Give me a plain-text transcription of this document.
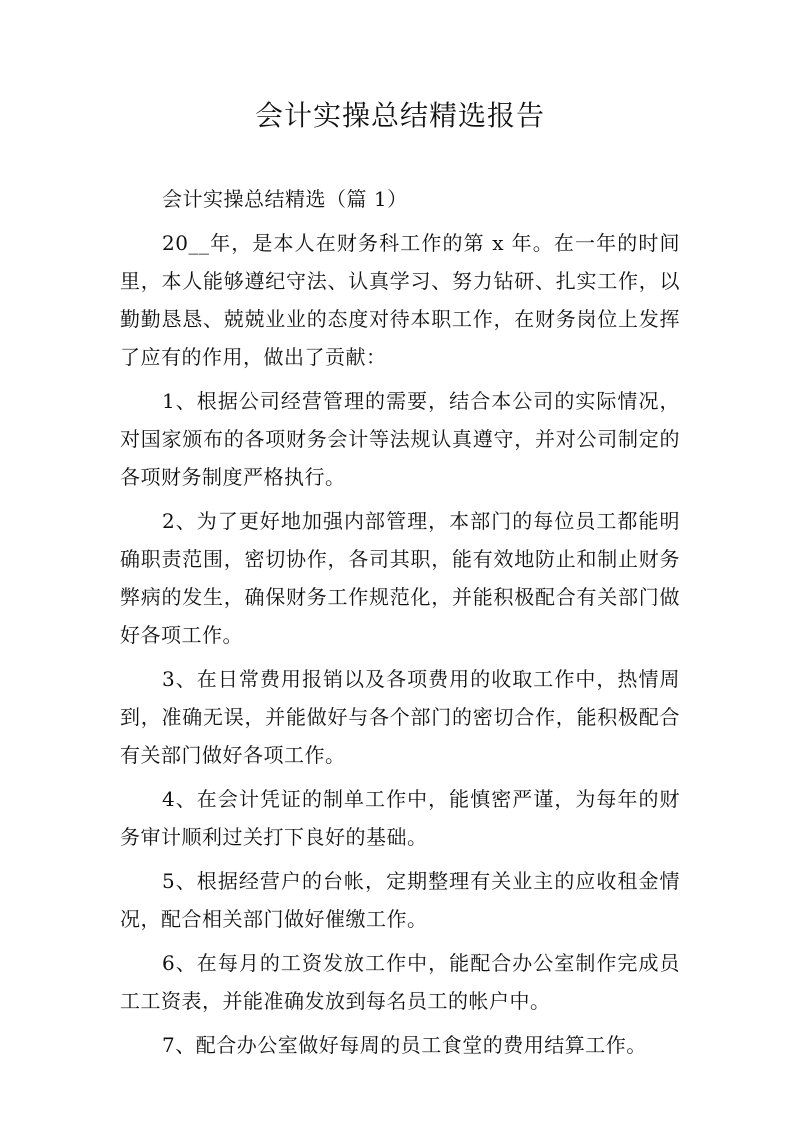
会计实操总结精选报告

会计实操总结精选（篇 1）

20__年，是本人在财务科工作的第 x 年。在一年的时间里，本人能够遵纪守法、认真学习、努力钻研、扎实工作，以勤勤恳恳、兢兢业业的态度对待本职工作，在财务岗位上发挥了应有的作用，做出了贡献：

1、根据公司经营管理的需要，结合本公司的实际情况，对国家颁布的各项财务会计等法规认真遵守，并对公司制定的各项财务制度严格执行。

2、为了更好地加强内部管理，本部门的每位员工都能明确职责范围，密切协作，各司其职，能有效地防止和制止财务弊病的发生，确保财务工作规范化，并能积极配合有关部门做好各项工作。

3、在日常费用报销以及各项费用的收取工作中，热情周到，准确无误，并能做好与各个部门的密切合作，能积极配合有关部门做好各项工作。

4、在会计凭证的制单工作中，能慎密严谨，为每年的财务审计顺利过关打下良好的基础。

5、根据经营户的台帐，定期整理有关业主的应收租金情况，配合相关部门做好催缴工作。

6、在每月的工资发放工作中，能配合办公室制作完成员工工资表，并能准确发放到每名员工的帐户中。

7、配合办公室做好每周的员工食堂的费用结算工作。
